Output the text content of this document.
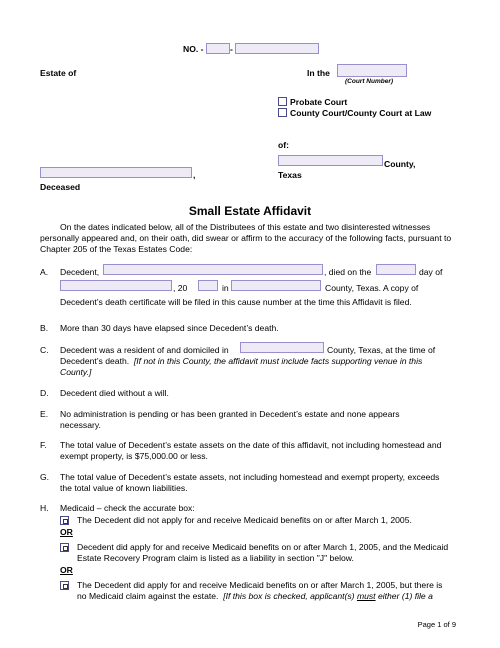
NO. -	-
Estate of	In the
(Court Number)
Probate Court
County Court/County Court at Law
of:
County,
Texas
,
Deceased
Small Estate Affidavit
On the dates indicated below, all of the Distributees of this estate and two disinterested witnesses personally appeared and, on their oath, did swear or affirm to the accuracy of the following facts, pursuant to Chapter 205 of the Texas Estates Code:
A. Decedent,	, died on the	day of
, 20	in	County, Texas. A copy of
Decedent’s death certificate will be filed in this cause number at the time this Affidavit is filed.
B. More than 30 days have elapsed since Decedent’s death.
C. Decedent was a resident of and domiciled in	County, Texas, at the time of
Decedent’s death.  [If not in this County, the affidavit must include facts supporting venue in this
County.]
D. Decedent died without a will.
E. No administration is pending or has been granted in Decedent’s estate and none appears
necessary.
F. The total value of Decedent’s estate assets on the date of this affidavit, not including homestead and
exempt property, is $75,000.00 or less.
G. The total value of Decedent’s estate assets, not including homestead and exempt property, exceeds
the total value of known liabilities.
H. Medicaid – check the accurate box:
The Decedent did not apply for and receive Medicaid benefits on or after March 1, 2005.
OR
Decedent did apply for and receive Medicaid benefits on or after March 1, 2005, and the Medicaid
Estate Recovery Program claim is listed as a liability in section "J" below.
OR
The Decedent did apply for and receive Medicaid benefits on or after March 1, 2005, but there is
no Medicaid claim against the estate.  [If this box is checked, applicant(s) must either (1) file a
Page 1 of 9
